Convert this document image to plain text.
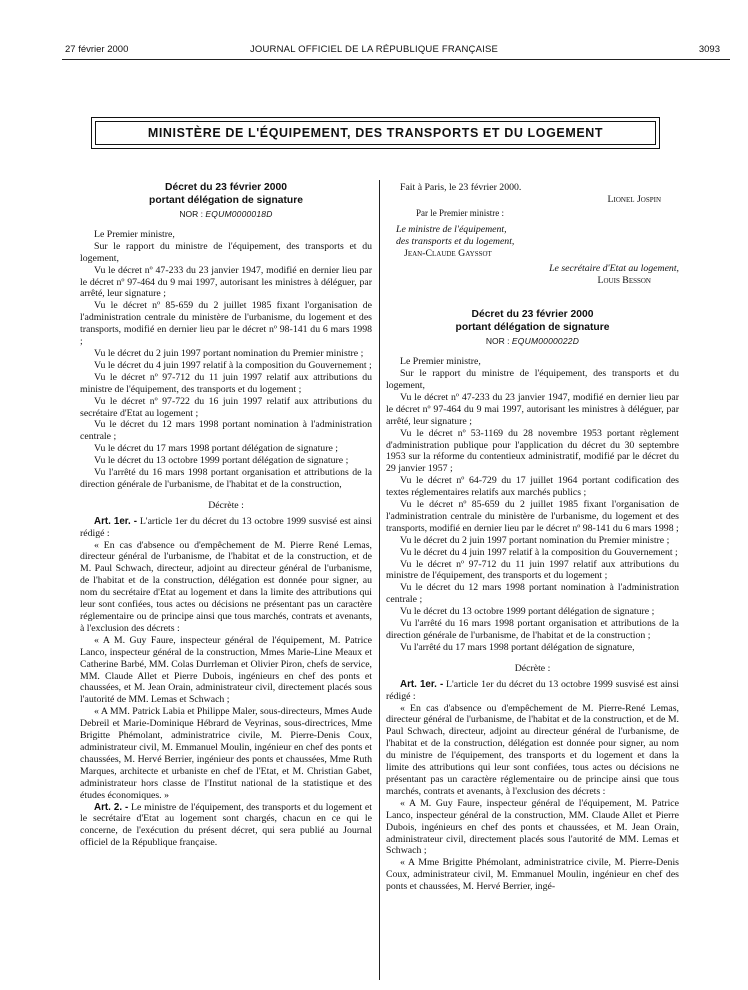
27 février 2000	JOURNAL OFFICIEL DE LA RÉPUBLIQUE FRANÇAISE	3093
MINISTÈRE DE L'ÉQUIPEMENT, DES TRANSPORTS ET DU LOGEMENT
Décret du 23 février 2000
portant délégation de signature
NOR : EQUM0000018D

Le Premier ministre,

Sur le rapport du ministre de l'équipement, des transports et du logement,

Vu le décret nº 47-233 du 23 janvier 1947, modifié en dernier lieu par le décret nº 97-464 du 9 mai 1997, autorisant les ministres à déléguer, par arrêté, leur signature ;

Vu le décret nº 85-659 du 2 juillet 1985 fixant l'organisation de l'administration centrale du ministère de l'urbanisme, du logement et des transports, modifié en dernier lieu par le décret nº 98-141 du 6 mars 1998 ;

Vu le décret du 2 juin 1997 portant nomination du Premier ministre ;

Vu le décret du 4 juin 1997 relatif à la composition du Gouvernement ;

Vu le décret nº 97-712 du 11 juin 1997 relatif aux attributions du ministre de l'équipement, des transports et du logement ;

Vu le décret nº 97-722 du 16 juin 1997 relatif aux attributions du secrétaire d'Etat au logement ;

Vu le décret du 12 mars 1998 portant nomination à l'administration centrale ;

Vu le décret du 17 mars 1998 portant délégation de signature ;

Vu le décret du 13 octobre 1999 portant délégation de signature ;

Vu l'arrêté du 16 mars 1998 portant organisation et attributions de la direction générale de l'urbanisme, de l'habitat et de la construction,

Décrète :

Art. 1er. - L'article 1er du décret du 13 octobre 1999 susvisé est ainsi rédigé :

« En cas d'absence ou d'empêchement de M. Pierre René Lemas, directeur général de l'urbanisme, de l'habitat et de la construction, et de M. Paul Schwach, directeur, adjoint au directeur général de l'urbanisme, de l'habitat et de la construction, délégation est donnée pour signer, au nom du secrétaire d'Etat au logement et dans la limite des attributions qui leur sont confiées, tous actes ou décisions ne présentant pas un caractère réglementaire ou de principe ainsi que tous marchés, contrats et avenants, à l'exclusion des décrets :

« A M. Guy Faure, inspecteur général de l'équipement, M. Patrice Lanco, inspecteur général de la construction, Mmes Marie-Line Meaux et Catherine Barbé, MM. Colas Durrleman et Olivier Piron, chefs de service, MM. Claude Allet et Pierre Dubois, ingénieurs en chef des ponts et chaussées, et M. Jean Orain, administrateur civil, directement placés sous l'autorité de MM. Lemas et Schwach ;

« A MM. Patrick Labia et Philippe Maler, sous-directeurs, Mmes Aude Debreil et Marie-Dominique Hébrard de Veyrinas, sous-directrices, Mme Brigitte Phémolant, administratrice civile, M. Pierre-Denis Coux, administrateur civil, M. Emmanuel Moulin, ingénieur en chef des ponts et chaussées, M. Hervé Berrier, ingénieur des ponts et chaussées, Mme Ruth Marques, architecte et urbaniste en chef de l'Etat, et M. Christian Gabet, administrateur hors classe de l'Institut national de la statistique et des études économiques. »

Art. 2. - Le ministre de l'équipement, des transports et du logement et le secrétaire d'Etat au logement sont chargés, chacun en ce qui le concerne, de l'exécution du présent décret, qui sera publié au Journal officiel de la République française.

Fait à Paris, le 23 février 2000.

Lionel Jospin
Par le Premier ministre :
Le ministre de l'équipement,
des transports et du logement,
Jean-Claude Gayssot
Le secrétaire d'Etat au logement,
Louis Besson
Décret du 23 février 2000
portant délégation de signature
NOR : EQUM0000022D

Le Premier ministre,

Sur le rapport du ministre de l'équipement, des transports et du logement,

Vu le décret nº 47-233 du 23 janvier 1947, modifié en dernier lieu par le décret nº 97-464 du 9 mai 1997, autorisant les ministres à déléguer, par arrêté, leur signature ;

Vu le décret nº 53-1169 du 28 novembre 1953 portant règlement d'administration publique pour l'application du décret du 30 septembre 1953 sur la réforme du contentieux administratif, modifié par le décret du 29 janvier 1957 ;

Vu le décret nº 64-729 du 17 juillet 1964 portant codification des textes réglementaires relatifs aux marchés publics ;

Vu le décret nº 85-659 du 2 juillet 1985 fixant l'organisation de l'administration centrale du ministère de l'urbanisme, du logement et des transports, modifié en dernier lieu par le décret nº 98-141 du 6 mars 1998 ;

Vu le décret du 2 juin 1997 portant nomination du Premier ministre ;

Vu le décret du 4 juin 1997 relatif à la composition du Gouvernement ;

Vu le décret nº 97-712 du 11 juin 1997 relatif aux attributions du ministre de l'équipement, des transports et du logement ;

Vu le décret du 12 mars 1998 portant nomination à l'administration centrale ;

Vu le décret du 13 octobre 1999 portant délégation de signature ;

Vu l'arrêté du 16 mars 1998 portant organisation et attributions de la direction générale de l'urbanisme, de l'habitat et de la construction ;

Vu l'arrêté du 17 mars 1998 portant délégation de signature,

Décrète :

Art. 1er. - L'article 1er du décret du 13 octobre 1999 susvisé est ainsi rédigé :

« En cas d'absence ou d'empêchement de M. Pierre-René Lemas, directeur général de l'urbanisme, de l'habitat et de la construction, et de M. Paul Schwach, directeur, adjoint au directeur général de l'urbanisme, de l'habitat et de la construction, délégation est donnée pour signer, au nom du ministre de l'équipement, des transports et du logement et dans la limite des attributions qui leur sont confiées, tous actes ou décisions ne présentant pas un caractère réglementaire ou de principe ainsi que tous marchés, contrats et avenants, à l'exclusion des décrets :

« A M. Guy Faure, inspecteur général de l'équipement, M. Patrice Lanco, inspecteur général de la construction, MM. Claude Allet et Pierre Dubois, ingénieurs en chef des ponts et chaussées, et M. Jean Orain, administrateur civil, directement placés sous l'autorité de MM. Lemas et Schwach ;

« A Mme Brigitte Phémolant, administratrice civile, M. Pierre-Denis Coux, administrateur civil, M. Emmanuel Moulin, ingénieur en chef des ponts et chaussées, M. Hervé Berrier, ingé-
